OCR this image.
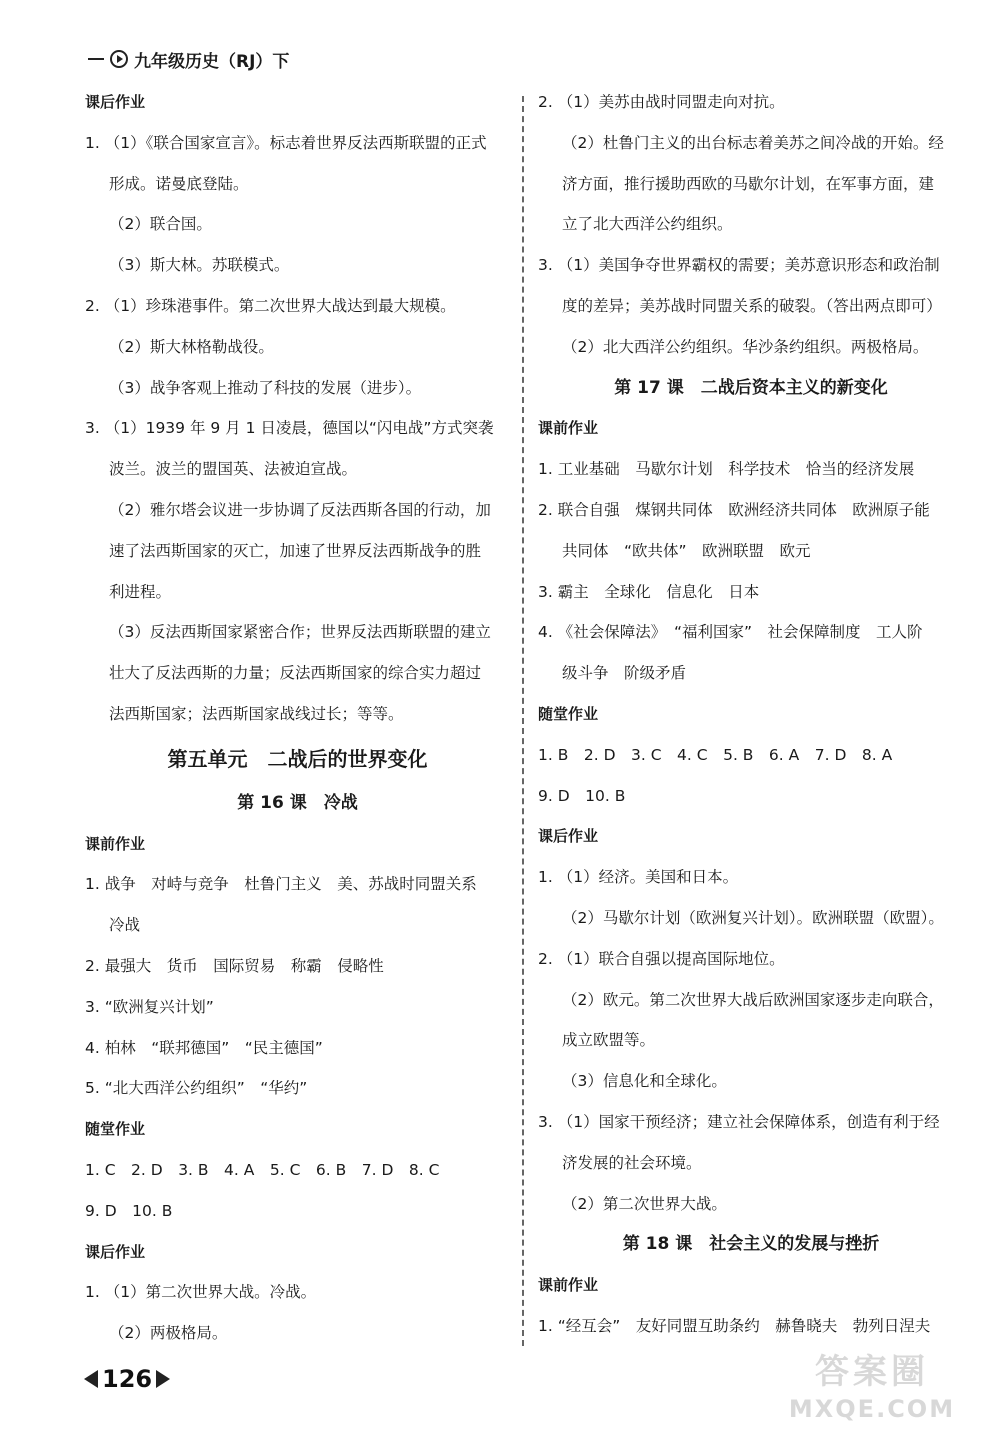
九年级历史（RJ）下
课后作业
1. （1）《联合国家宣言》。标志着世界反法西斯联盟的正式
形成。诺曼底登陆。
（2）联合国。
（3）斯大林。苏联模式。
2. （1）珍珠港事件。第二次世界大战达到最大规模。
（2）斯大林格勒战役。
（3）战争客观上推动了科技的发展（进步）。
3. （1）1939 年 9 月 1 日凌晨，德国以“闪电战”方式突袭
波兰。波兰的盟国英、法被迫宣战。
（2）雅尔塔会议进一步协调了反法西斯各国的行动，加
速了法西斯国家的灭亡，加速了世界反法西斯战争的胜
利进程。
（3）反法西斯国家紧密合作；世界反法西斯联盟的建立
壮大了反法西斯的力量；反法西斯国家的综合实力超过
法西斯国家；法西斯国家战线过长；等等。
第五单元　二战后的世界变化
第 16 课　冷战
课前作业
1. 战争　对峙与竞争　杜鲁门主义　美、苏战时同盟关系
冷战
2. 最强大　货币　国际贸易　称霸　侵略性
3. “欧洲复兴计划”
4. 柏林　“联邦德国”　“民主德国”
5. “北大西洋公约组织”　“华约”
随堂作业
1. C　2. D　3. B　4. A　5. C　6. B　7. D　8. C
9. D　10. B
课后作业
1. （1）第二次世界大战。冷战。
（2）两极格局。
2. （1）美苏由战时同盟走向对抗。
（2）杜鲁门主义的出台标志着美苏之间冷战的开始。经
济方面，推行援助西欧的马歇尔计划，在军事方面，建
立了北大西洋公约组织。
3. （1）美国争夺世界霸权的需要；美苏意识形态和政治制
度的差异；美苏战时同盟关系的破裂。（答出两点即可）
（2）北大西洋公约组织。华沙条约组织。两极格局。
第 17 课　二战后资本主义的新变化
课前作业
1. 工业基础　马歇尔计划　科学技术　恰当的经济发展
2. 联合自强　煤钢共同体　欧洲经济共同体　欧洲原子能
共同体　“欧共体”　欧洲联盟　欧元
3. 霸主　全球化　信息化　日本
4. 《社会保障法》　“福利国家”　社会保障制度　工人阶
级斗争　阶级矛盾
随堂作业
1. B　2. D　3. C　4. C　5. B　6. A　7. D　8. A
9. D　10. B
课后作业
1. （1）经济。美国和日本。
（2）马歇尔计划（欧洲复兴计划）。欧洲联盟（欧盟）。
2. （1）联合自强以提高国际地位。
（2）欧元。第二次世界大战后欧洲国家逐步走向联合，
成立欧盟等。
（3）信息化和全球化。
3. （1）国家干预经济；建立社会保障体系，创造有利于经
济发展的社会环境。
（2）第二次世界大战。
第 18 课　社会主义的发展与挫折
课前作业
1. “经互会”　友好同盟互助条约　赫鲁晓夫　勃列日涅夫
126	答案圈
MXQE.COM
